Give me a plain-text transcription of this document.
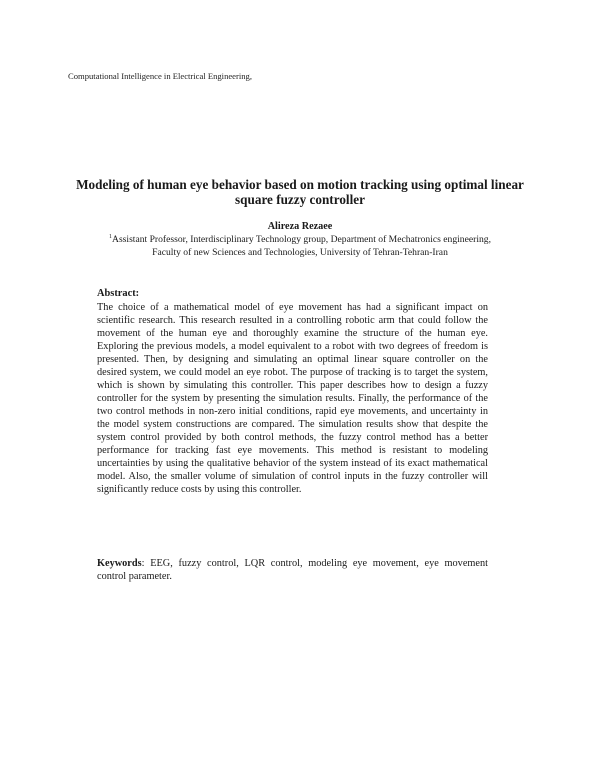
Computational Intelligence in Electrical Engineering,
Modeling of human eye behavior based on motion tracking using optimal linear square fuzzy controller
Alireza Rezaee
$^1$Assistant Professor, Interdisciplinary Technology group, Department of Mechatronics engineering, Faculty of new Sciences and Technologies, University of Tehran-Tehran-Iran
Abstract:
The choice of a mathematical model of eye movement has had a significant impact on scientific research. This research resulted in a controlling robotic arm that could follow the movement of the human eye and thoroughly examine the structure of the human eye. Exploring the previous models, a model equivalent to a robot with two degrees of freedom is presented. Then, by designing and simulating an optimal linear square controller on the desired system, we could model an eye robot. The purpose of tracking is to target the system, which is shown by simulating this controller. This paper describes how to design a fuzzy controller for the system by presenting the simulation results. Finally, the performance of the two control methods in non-zero initial conditions, rapid eye movements, and uncertainty in the model system constructions are compared. The simulation results show that despite the system control provided by both control methods, the fuzzy control method has a better performance for tracking fast eye movements. This method is resistant to modeling uncertainties by using the qualitative behavior of the system instead of its exact mathematical model. Also, the smaller volume of simulation of control inputs in the fuzzy controller will significantly reduce costs by using this controller.
Keywords: EEG, fuzzy control, LQR control, modeling eye movement, eye movement control parameter.
